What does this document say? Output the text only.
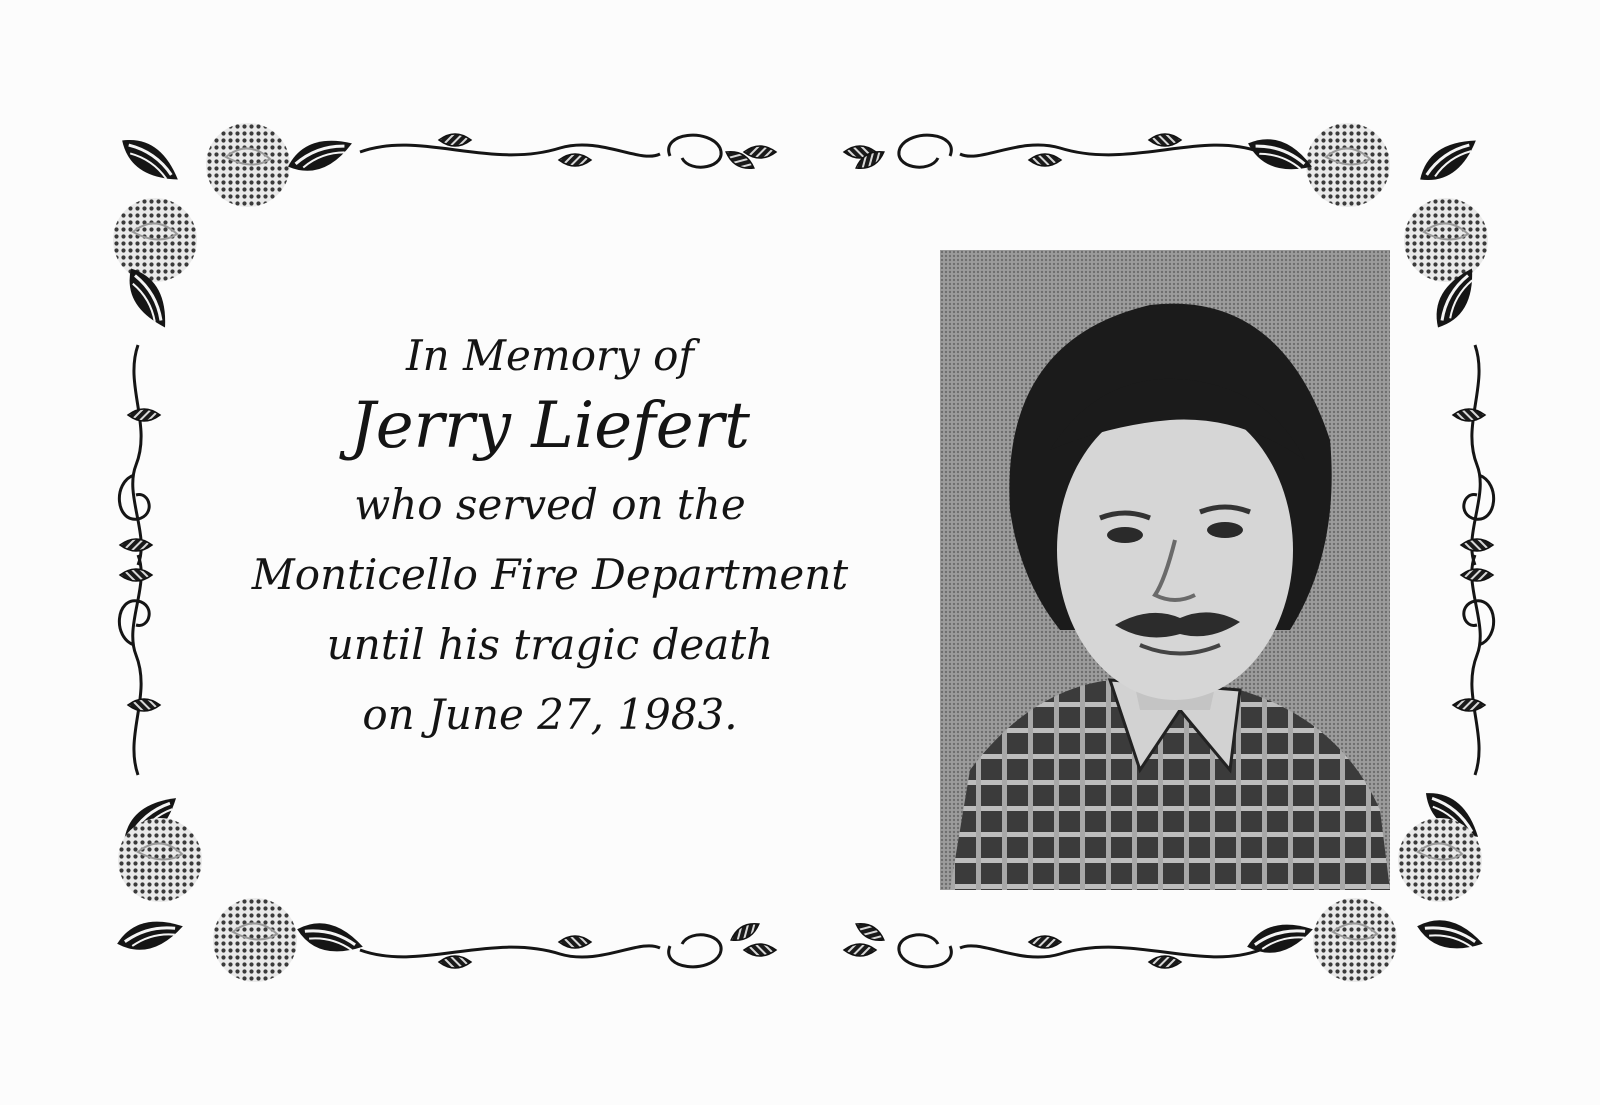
In Memory of
Jerry Liefert
who served on the
Monticello Fire Department
until his tragic death
on June 27, 1983.
